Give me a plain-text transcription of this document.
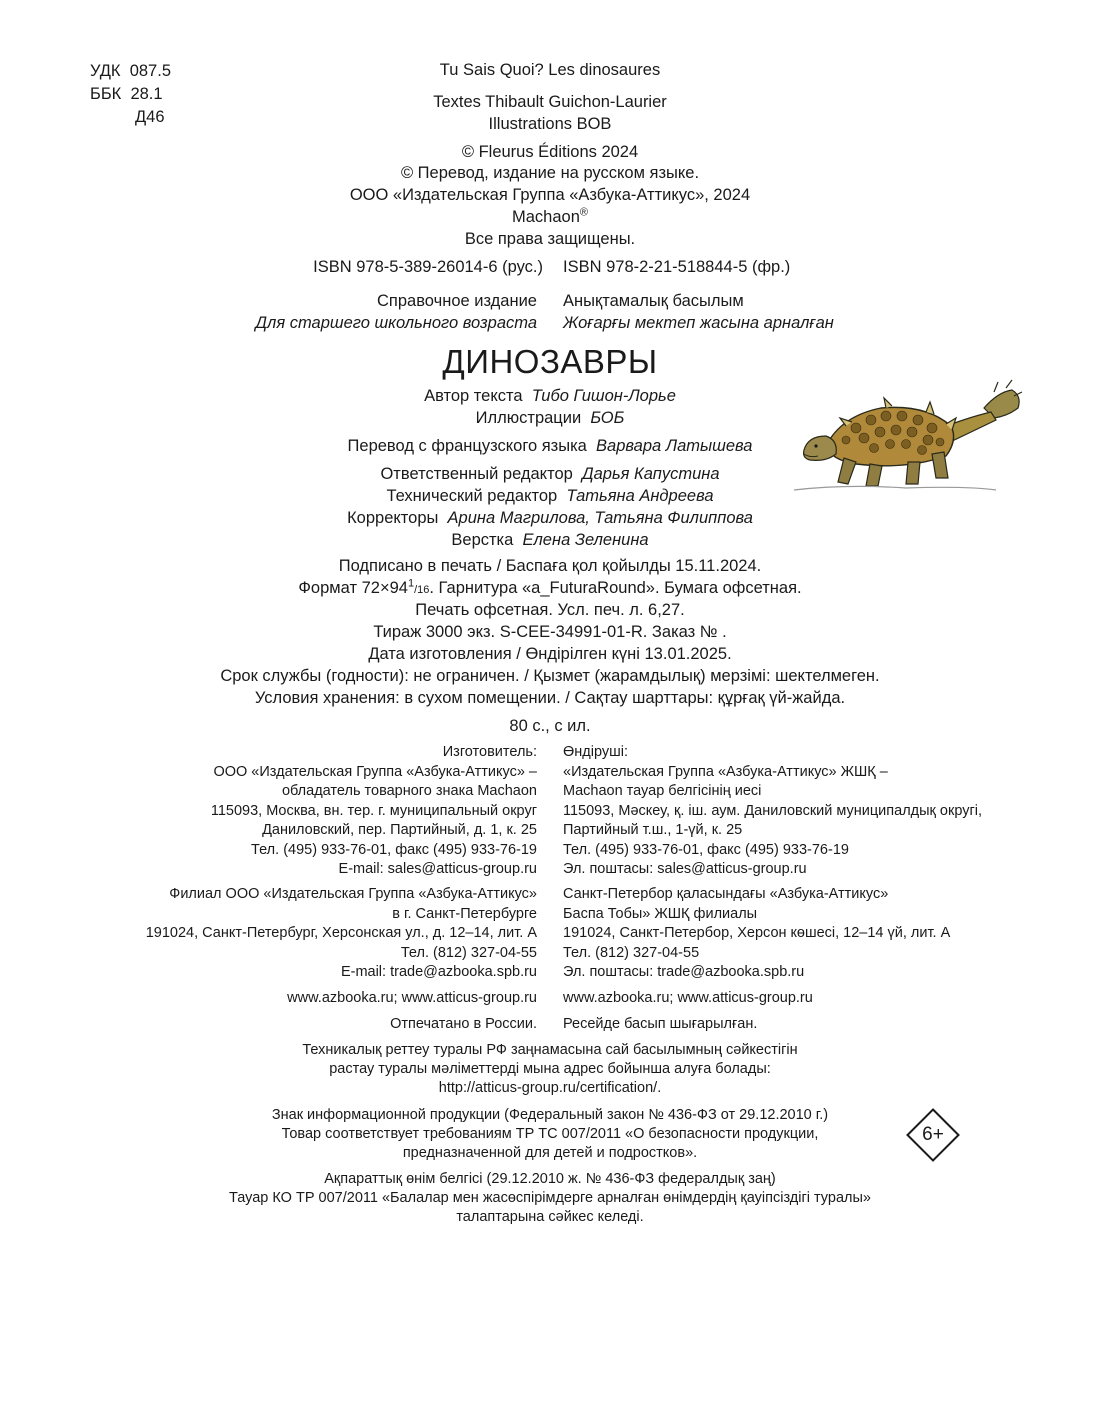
УДК 087.5
ББК 28.1
Д46
Tu Sais Quoi? Les dinosaures
Textes Thibault Guichon-Laurier
Illustrations BOB
© Fleurus Éditions 2024
© Перевод, издание на русском языке.
ООО «Издательская Группа «Азбука-Аттикус», 2024
Machaon®
Все права защищены.
ISBN 978-5-389-26014-6 (рус.) ISBN 978-2-21-518844-5 (фр.)
Справочное издание Анықтамалық басылым
Для старшего школьного возраста Жоғарғы мектеп жасына арналған
ДИНОЗАВРЫ
Автор текста Тибо Гишон-Лорье
Иллюстрации БОБ
Перевод с французского языка Варвара Латышева
Ответственный редактор Дарья Капустина
Технический редактор Татьяна Андреева
Корректоры Арина Магрилова, Татьяна Филиппова
Верстка Елена Зеленина
Подписано в печать / Баспаға қол қойылды 15.11.2024.
Формат $72\times 94^1/16$. Гарнитура «a_FuturaRound». Бумага офсетная.
Печать офсетная. Усл. печ. л. 6,27.
Тираж 3000 экз. S-CEE-34991-01-R. Заказ № .
Дата изготовления / Өндірілген күні 13.01.2025.
Срок службы (годности): не ограничен. / Қызмет (жарамдылық) мерзімі: шектелмеген.
Условия хранения: в сухом помещении. / Сақтау шарттары: құрғақ үй-жайда.
80 с., с ил.
Изготовитель:
ООО «Издательская Группа «Азбука-Аттикус» –
обладатель товарного знака Machaon
115093, Москва, вн. тер. г. муниципальный округ
Даниловский, пер. Партийный, д. 1, к. 25
Тел. (495) 933-76-01, факс (495) 933-76-19
E-mail: sales@atticus-group.ru
Өндіруші:
«Издательская Группа «Азбука-Аттикус» ЖШҚ –
Machaon тауар белгісінің иесі
115093, Мәскеу, қ. іш. аум. Даниловский муниципалдық округі,
Партийный т.ш., 1-үй, к. 25
Тел. (495) 933-76-01, факс (495) 933-76-19
Эл. поштасы: sales@atticus-group.ru
Филиал ООО «Издательская Группа «Азбука-Аттикус»
в г. Санкт-Петербурге
191024, Санкт-Петербург, Херсонская ул., д. 12–14, лит. А
Тел. (812) 327-04-55
E-mail: trade@azbooka.spb.ru
Санкт-Петербор қаласындағы «Азбука-Аттикус»
Баспа Тобы» ЖШҚ филиалы
191024, Санкт-Петербор, Херсон көшесі, 12–14 үй, лит. А
Тел. (812) 327-04-55
Эл. поштасы: trade@azbooka.spb.ru
www.azbooka.ru; www.atticus-group.ru www.azbooka.ru; www.atticus-group.ru
Отпечатано в России. Ресейде басып шығарылған.
Техникалық реттеу туралы РФ заңнамасына сай басылымның сәйкестігін
растау туралы мәліметтерді мына адрес бойынша алуға болады:
http://atticus-group.ru/certification/.
Знак информационной продукции (Федеральный закон № 436-ФЗ от 29.12.2010 г.)
Товар соответствует требованиям ТР ТС 007/2011 «О безопасности продукции,
предназначенной для детей и подростков».
6+
Ақпараттық өнім белгісі (29.12.2010 ж. № 436-ФЗ федералдық заң)
Тауар КО ТР 007/2011 «Балалар мен жасөспірімдерге арналған өнімдердің қауіпсіздігі туралы»
талаптарына сәйкес келеді.
